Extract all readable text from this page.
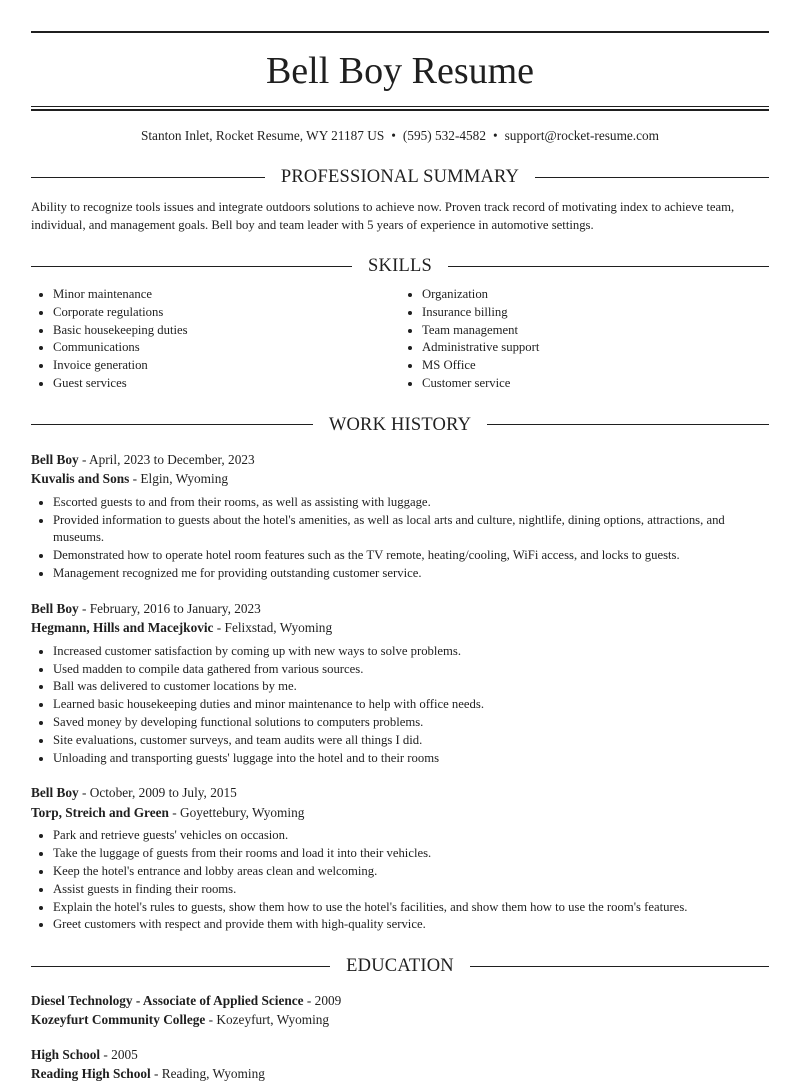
Bell Boy Resume
Stanton Inlet, Rocket Resume, WY 21187 US • (595) 532-4582 • support@rocket-resume.com
PROFESSIONAL SUMMARY
Ability to recognize tools issues and integrate outdoors solutions to achieve now. Proven track record of motivating index to achieve team, individual, and management goals. Bell boy and team leader with 5 years of experience in automotive settings.
SKILLS
• Minor maintenance
• Corporate regulations
• Basic housekeeping duties
• Communications
• Invoice generation
• Guest services
• Organization
• Insurance billing
• Team management
• Administrative support
• MS Office
• Customer service
WORK HISTORY
Bell Boy - April, 2023 to December, 2023
Kuvalis and Sons - Elgin, Wyoming
• Escorted guests to and from their rooms, as well as assisting with luggage.
• Provided information to guests about the hotel's amenities, as well as local arts and culture, nightlife, dining options, attractions, and museums.
• Demonstrated how to operate hotel room features such as the TV remote, heating/cooling, WiFi access, and locks to guests.
• Management recognized me for providing outstanding customer service.
Bell Boy - February, 2016 to January, 2023
Hegmann, Hills and Macejkovic - Felixstad, Wyoming
• Increased customer satisfaction by coming up with new ways to solve problems.
• Used madden to compile data gathered from various sources.
• Ball was delivered to customer locations by me.
• Learned basic housekeeping duties and minor maintenance to help with office needs.
• Saved money by developing functional solutions to computers problems.
• Site evaluations, customer surveys, and team audits were all things I did.
• Unloading and transporting guests' luggage into the hotel and to their rooms
Bell Boy - October, 2009 to July, 2015
Torp, Streich and Green - Goyettebury, Wyoming
• Park and retrieve guests' vehicles on occasion.
• Take the luggage of guests from their rooms and load it into their vehicles.
• Keep the hotel's entrance and lobby areas clean and welcoming.
• Assist guests in finding their rooms.
• Explain the hotel's rules to guests, show them how to use the hotel's facilities, and show them how to use the room's features.
• Greet customers with respect and provide them with high-quality service.
EDUCATION
Diesel Technology - Associate of Applied Science - 2009
Kozeyfurt Community College - Kozeyfurt, Wyoming
High School - 2005
Reading High School - Reading, Wyoming
